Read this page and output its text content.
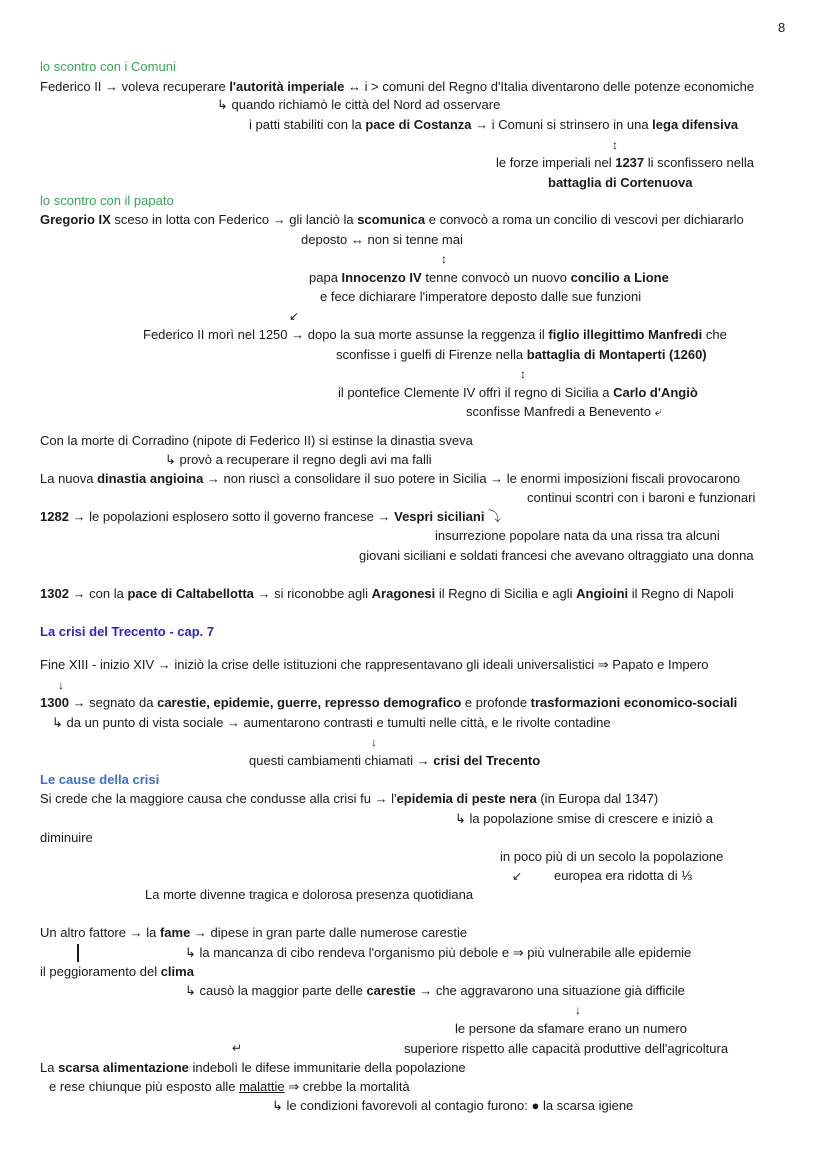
8
lo scontro con i Comuni
Federico II → voleva recuperare l'autorità imperiale ↔ i > comuni del Regno d'Italia diventarono delle potenze economiche
↳ quando richiamò le città del Nord ad osservare
i patti stabiliti con la pace di Costanza → i Comuni si strinsero in una lega difensiva
↕
le forze imperiali nel 1237 li sconfissero nella
battaglia di Cortenuova
lo scontro con il papato
Gregorio IX sceso in lotta con Federico → gli lanciò la scomunica e convocò a roma un concilio di vescovi per dichiararlo
deposto ↔ non si tenne mai
↕
papa Innocenzo IV tenne convocò un nuovo concilio a Lione
e fece dichiarare l'imperatore deposto dalle sue funzioni
↙
Federico II morì nel 1250 → dopo la sua morte assunse la reggenza il figlio illegittimo Manfredi che
sconfisse i guelfi di Firenze nella battaglia di Montaperti (1260)
↕
il pontefice Clemente IV offrì il regno di Sicilia a Carlo d'Angiò
sconfisse Manfredi a Benevento ⤶
Con la morte di Corradino (nipote di Federico II) si estinse la dinastia sveva
↳ provò a recuperare il regno degli avi ma falli
La nuova dinastia angioina → non riuscì a consolidare il suo potere in Sicilia → le enormi imposizioni fiscali provocarono
continui scontri con i baroni e funzionari
1282 → le popolazioni esplosero sotto il governo francese → Vespri siciliani ⤵
insurrezione popolare nata da una rissa tra alcuni
giovani siciliani e soldati francesi che avevano oltraggiato una donna
1302 → con la pace di Caltabellotta → si riconobbe agli Aragonesi il Regno di Sicilia e agli Angioini il Regno di Napoli
La crisi del Trecento - cap. 7
Fine XIII - inizio XIV → iniziò la crise delle istituzioni che rappresentavano gli ideali universalistici ⇒ Papato e Impero
↓
1300 → segnato da carestie, epidemie, guerre, represso demografico e profonde trasformazioni economico-sociali
↳ da un punto di vista sociale → aumentarono contrasti e tumulti nelle città, e le rivolte contadine
↓
questi cambiamenti chiamati → crisi del Trecento
Le cause della crisi
Si crede che la maggiore causa che condusse alla crisi fu → l'epidemia di peste nera (in Europa dal 1347)
↳ la popolazione smise di crescere e iniziò a
diminuire
in poco più di un secolo la popolazione
↙ europea era ridotta di ⅓
La morte divenne tragica e dolorosa presenza quotidiana
Un altro fattore → la fame → dipese in gran parte dalle numerose carestie
↳ la mancanza di cibo rendeva l'organismo più debole e ⇒ più vulnerabile alle epidemie
il peggioramento del clima
↳ causò la maggior parte delle carestie → che aggravarono una situazione già difficile
↓
le persone da sfamare erano un numero
↵	superiore rispetto alle capacità produttive dell'agricoltura
La scarsa alimentazione indebolì le difese immunitarie della popolazione
e rese chiunque più esposto alle malattie ⇒ crebbe la mortalità
↳ le condizioni favorevoli al contagio furono: ● la scarsa igiene
